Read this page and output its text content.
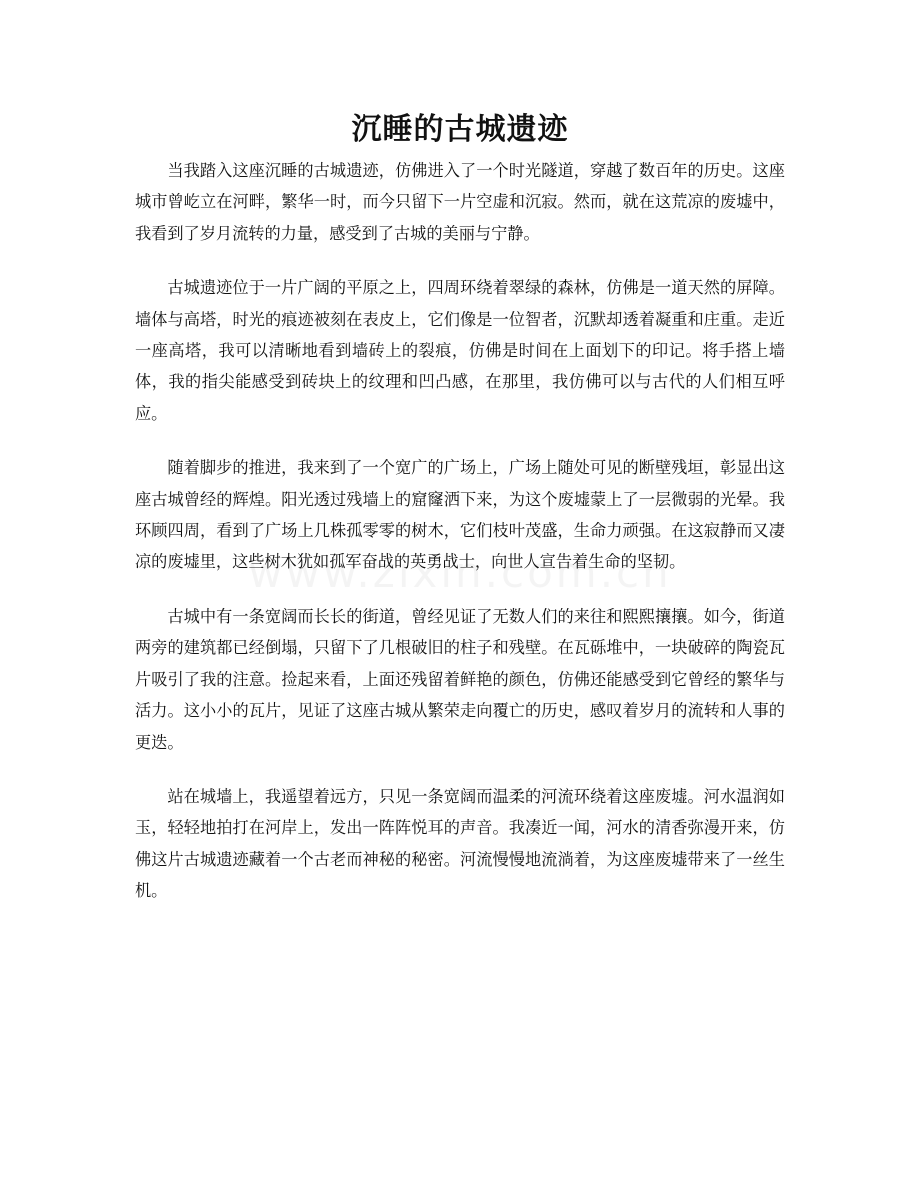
沉睡的古城遗迹

当我踏入这座沉睡的古城遗迹，仿佛进入了一个时光隧道，穿越了数百年的历史。这座城市曾屹立在河畔，繁华一时，而今只留下一片空虚和沉寂。然而，就在这荒凉的废墟中，我看到了岁月流转的力量，感受到了古城的美丽与宁静。

古城遗迹位于一片广阔的平原之上，四周环绕着翠绿的森林，仿佛是一道天然的屏障。墙体与高塔，时光的痕迹被刻在表皮上，它们像是一位智者，沉默却透着凝重和庄重。走近一座高塔，我可以清晰地看到墙砖上的裂痕，仿佛是时间在上面划下的印记。将手搭上墙体，我的指尖能感受到砖块上的纹理和凹凸感，在那里，我仿佛可以与古代的人们相互呼应。

随着脚步的推进，我来到了一个宽广的广场上，广场上随处可见的断壁残垣，彰显出这座古城曾经的辉煌。阳光透过残墙上的窟窿洒下来，为这个废墟蒙上了一层微弱的光晕。我环顾四周，看到了广场上几株孤零零的树木，它们枝叶茂盛，生命力顽强。在这寂静而又凄凉的废墟里，这些树木犹如孤军奋战的英勇战士，向世人宣告着生命的坚韧。

古城中有一条宽阔而长长的街道，曾经见证了无数人们的来往和熙熙攘攘。如今，街道两旁的建筑都已经倒塌，只留下了几根破旧的柱子和残壁。在瓦砾堆中，一块破碎的陶瓷瓦片吸引了我的注意。捡起来看，上面还残留着鲜艳的颜色，仿佛还能感受到它曾经的繁华与活力。这小小的瓦片，见证了这座古城从繁荣走向覆亡的历史，感叹着岁月的流转和人事的更迭。

站在城墙上，我遥望着远方，只见一条宽阔而温柔的河流环绕着这座废墟。河水温润如玉，轻轻地拍打在河岸上，发出一阵阵悦耳的声音。我凑近一闻，河水的清香弥漫开来，仿佛这片古城遗迹藏着一个古老而神秘的秘密。河流慢慢地流淌着，为这座废墟带来了一丝生机。
